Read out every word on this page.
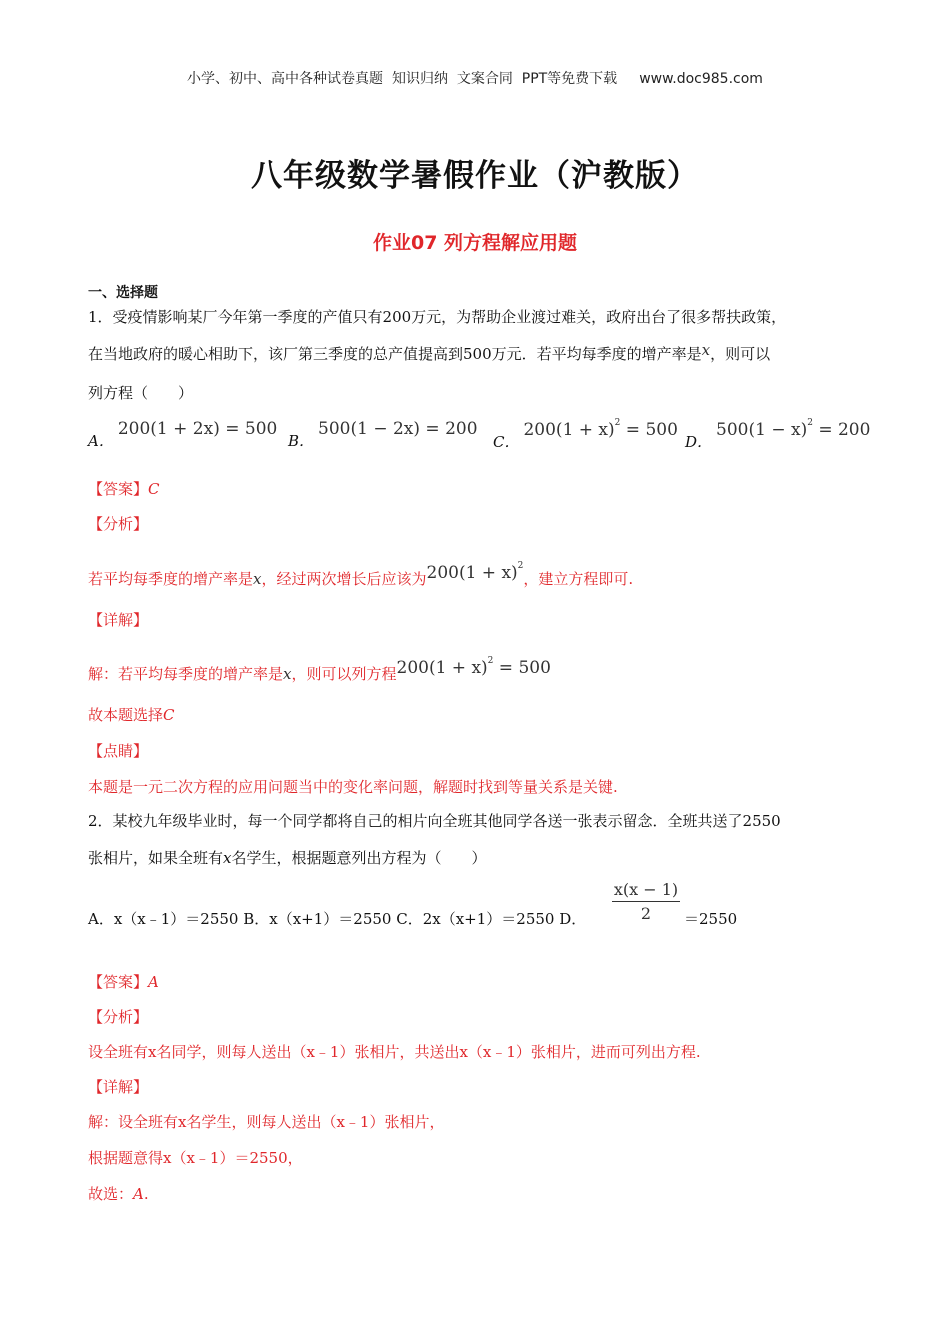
小学、初中、高中各种试卷真题  知识归纳  文案合同  PPT等免费下载 www.doc985.com
八年级数学暑假作业（沪教版）
作业07 列方程解应用题
一、选择题
1．受疫情影响某厂今年第一季度的产值只有200万元，为帮助企业渡过难关，政府出台了很多帮扶政策，
在当地政府的暖心相助下，该厂第三季度的总产值提高到500万元．若平均每季度的增产率是x，则可以
列方程（　　）
A．200(1 + 2x) = 500
B．500(1 − 2x) = 200
C．$200(1 + x)^2 = 500$
D．$500(1 - x)^2 = 200$
【答案】C
【分析】
若平均每季度的增产率是x，经过两次增长后应该为$200(1 + x)^2$，建立方程即可.
【详解】
解：若平均每季度的增产率是x，则可以列方程$200(1 + x)^2 = 500$
故本题选择C
【点睛】
本题是一元二次方程的应用问题当中的变化率问题，解题时找到等量关系是关键.
2．某校九年级毕业时，每一个同学都将自己的相片向全班其他同学各送一张表示留念．全班共送了2550
张相片，如果全班有x名学生，根据题意列出方程为（　　）
A．x（x﹣1）＝2550 B．x（x+1）＝2550 C．2x（x+1）＝2550 D． $\frac{x(x - 1)}{2} =2550$
【答案】A
【分析】
设全班有x名同学，则每人送出（x﹣1）张相片，共送出x（x﹣1）张相片，进而可列出方程.
【详解】
解：设全班有x名学生，则每人送出（x﹣1）张相片，
根据题意得x（x﹣1）＝2550，
故选：A.
